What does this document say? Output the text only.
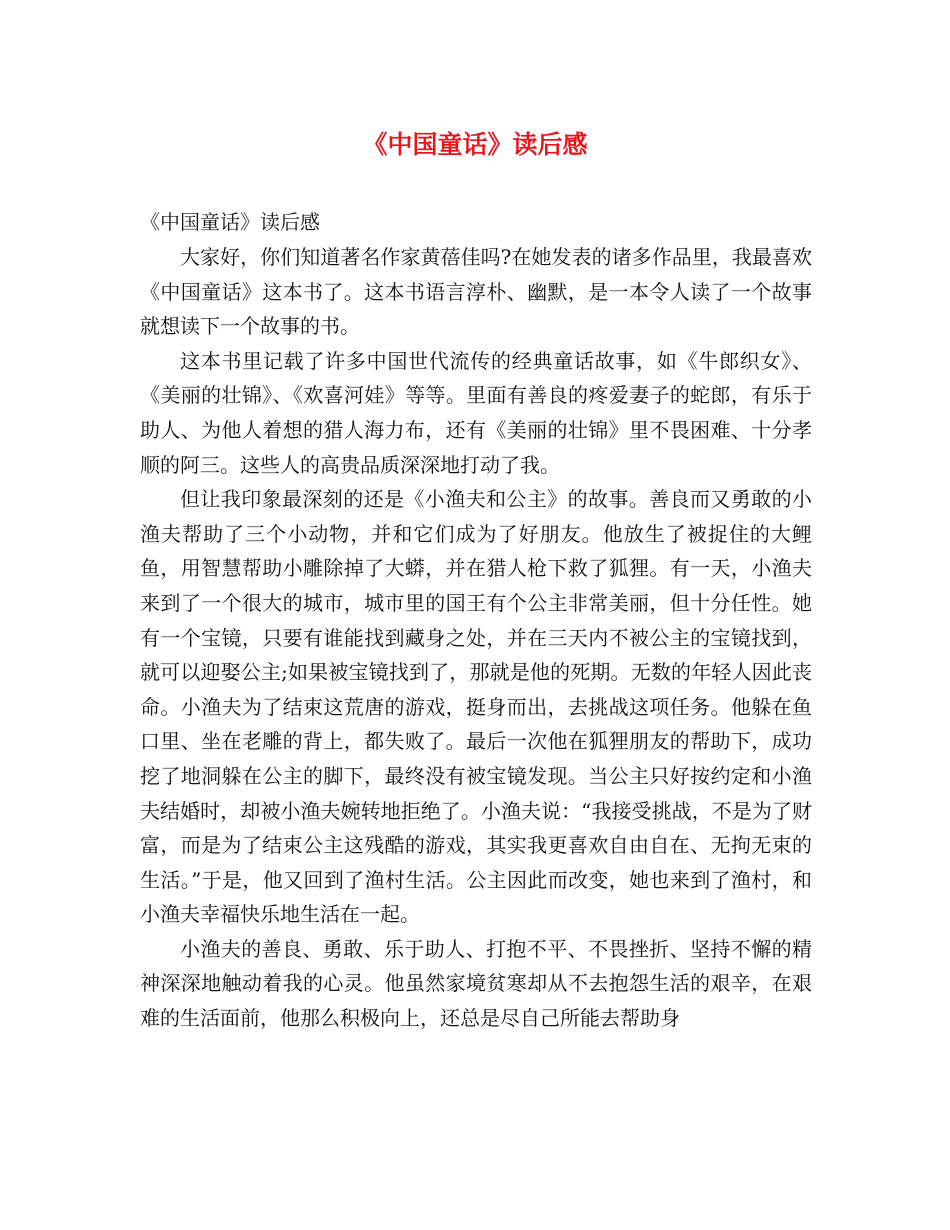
《中国童话》读后感
《中国童话》读后感

大家好，你们知道著名作家黄蓓佳吗?在她发表的诸多作品里，我最喜欢《中国童话》这本书了。这本书语言淳朴、幽默，是一本令人读了一个故事就想读下一个故事的书。

这本书里记载了许多中国世代流传的经典童话故事，如《牛郎织女》、《美丽的壮锦》、《欢喜河娃》等等。里面有善良的疼爱妻子的蛇郎，有乐于助人、为他人着想的猎人海力布，还有《美丽的壮锦》里不畏困难、十分孝顺的阿三。这些人的高贵品质深深地打动了我。

但让我印象最深刻的还是《小渔夫和公主》的故事。善良而又勇敢的小渔夫帮助了三个小动物，并和它们成为了好朋友。他放生了被捉住的大鲤鱼，用智慧帮助小雕除掉了大蟒，并在猎人枪下救了狐狸。有一天，小渔夫来到了一个很大的城市，城市里的国王有个公主非常美丽，但十分任性。她有一个宝镜，只要有谁能找到藏身之处，并在三天内不被公主的宝镜找到，就可以迎娶公主;如果被宝镜找到了，那就是他的死期。无数的年轻人因此丧命。小渔夫为了结束这荒唐的游戏，挺身而出，去挑战这项任务。他躲在鱼口里、坐在老雕的背上，都失败了。最后一次他在狐狸朋友的帮助下，成功挖了地洞躲在公主的脚下，最终没有被宝镜发现。当公主只好按约定和小渔夫结婚时，却被小渔夫婉转地拒绝了。小渔夫说：“我接受挑战，不是为了财富，而是为了结束公主这残酷的游戏，其实我更喜欢自由自在、无拘无束的生活。”于是，他又回到了渔村生活。公主因此而改变，她也来到了渔村，和小渔夫幸福快乐地生活在一起。

小渔夫的善良、勇敢、乐于助人、打抱不平、不畏挫折、坚持不懈的精神深深地触动着我的心灵。他虽然家境贫寒却从不去抱怨生活的艰辛，在艰难的生活面前，他那么积极向上，还总是尽自己所能去帮助身
